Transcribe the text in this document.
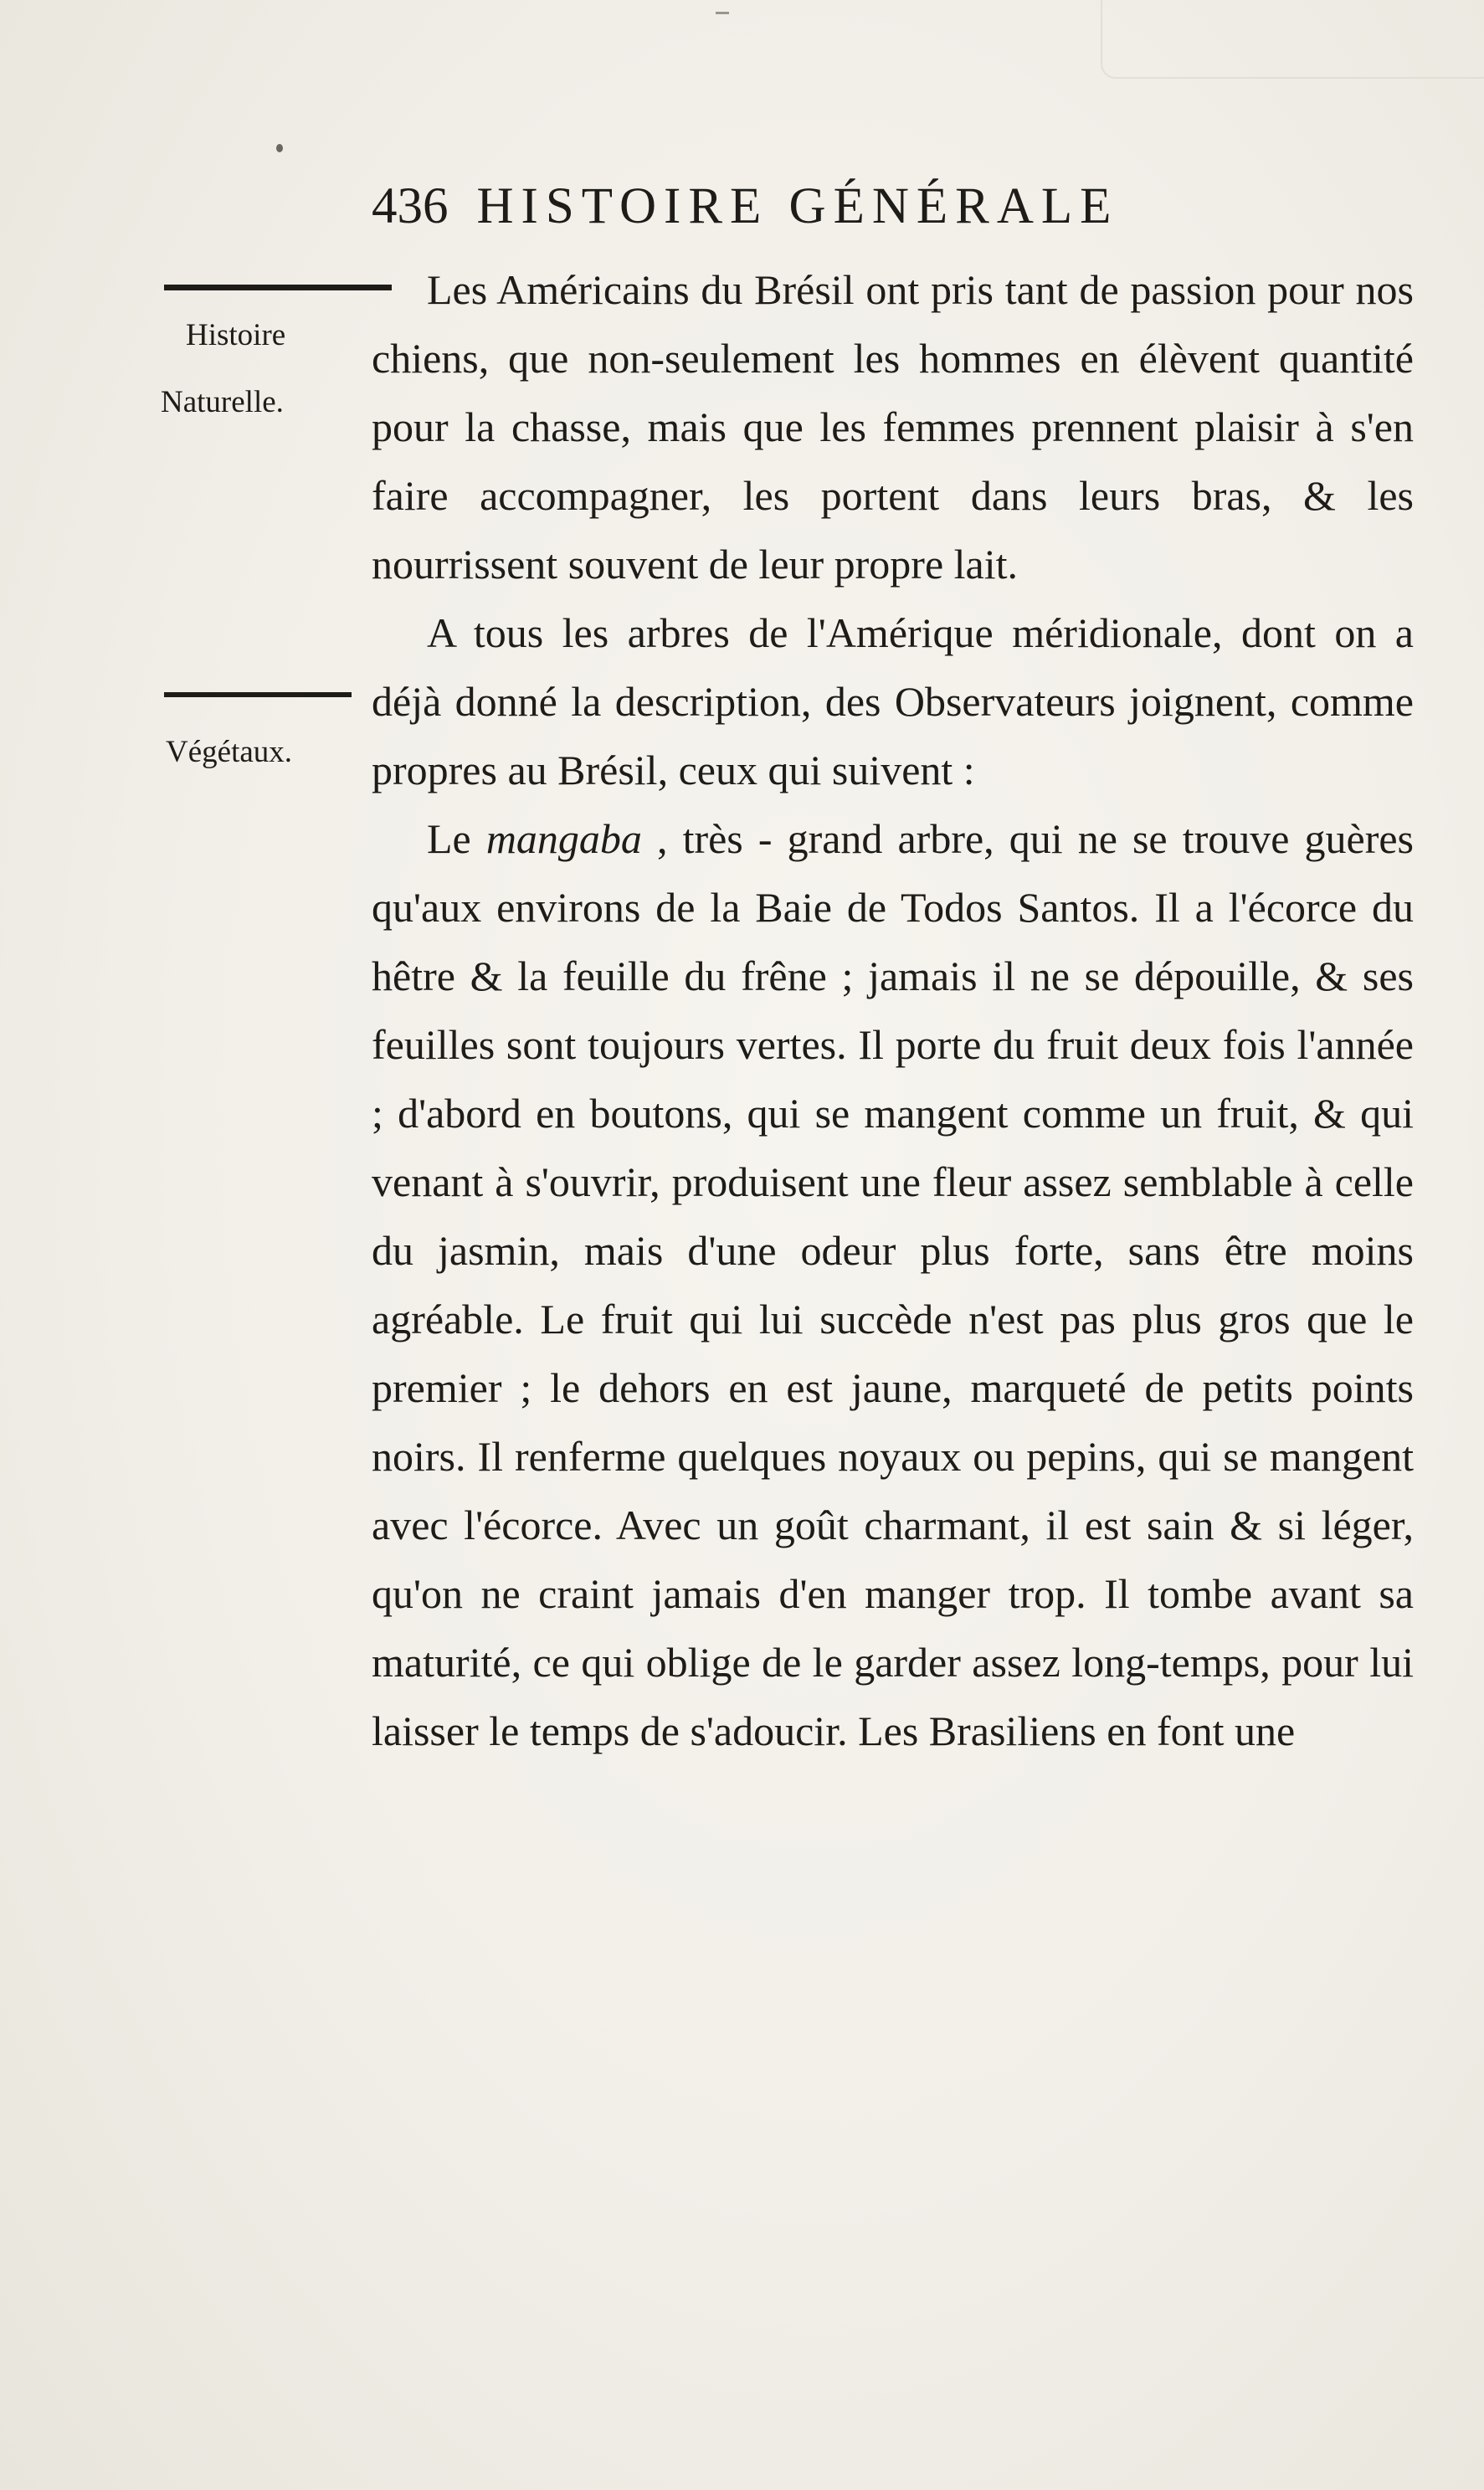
436 HISTOIRE GÉNÉRALE
Histoire
Naturelle.
Végétaux.

Les Américains du Brésil ont pris tant de passion pour nos chiens, que non-seulement les hommes en élèvent quantité pour la chasse, mais que les femmes prennent plaisir à s'en faire accompagner, les portent dans leurs bras, & les nourrissent souvent de leur propre lait.

A tous les arbres de l'Amérique méridionale, dont on a déjà donné la description, des Observateurs joignent, comme propres au Brésil, ceux qui suivent :

Le mangaba , très - grand arbre, qui ne se trouve guères qu'aux environs de la Baie de Todos Santos. Il a l'écorce du hêtre & la feuille du frêne ; jamais il ne se dépouille, & ses feuilles sont toujours vertes. Il porte du fruit deux fois l'année ; d'abord en boutons, qui se mangent comme un fruit, & qui venant à s'ouvrir, produisent une fleur assez semblable à celle du jasmin, mais d'une odeur plus forte, sans être moins agréable. Le fruit qui lui succède n'est pas plus gros que le premier ; le dehors en est jaune, marqueté de petits points noirs. Il renferme quelques noyaux ou pepins, qui se mangent avec l'écorce. Avec un goût charmant, il est sain & si léger, qu'on ne craint jamais d'en manger trop. Il tombe avant sa maturité, ce qui oblige de le garder assez long-temps, pour lui laisser le temps de s'adoucir. Les Brasiliens en font une
